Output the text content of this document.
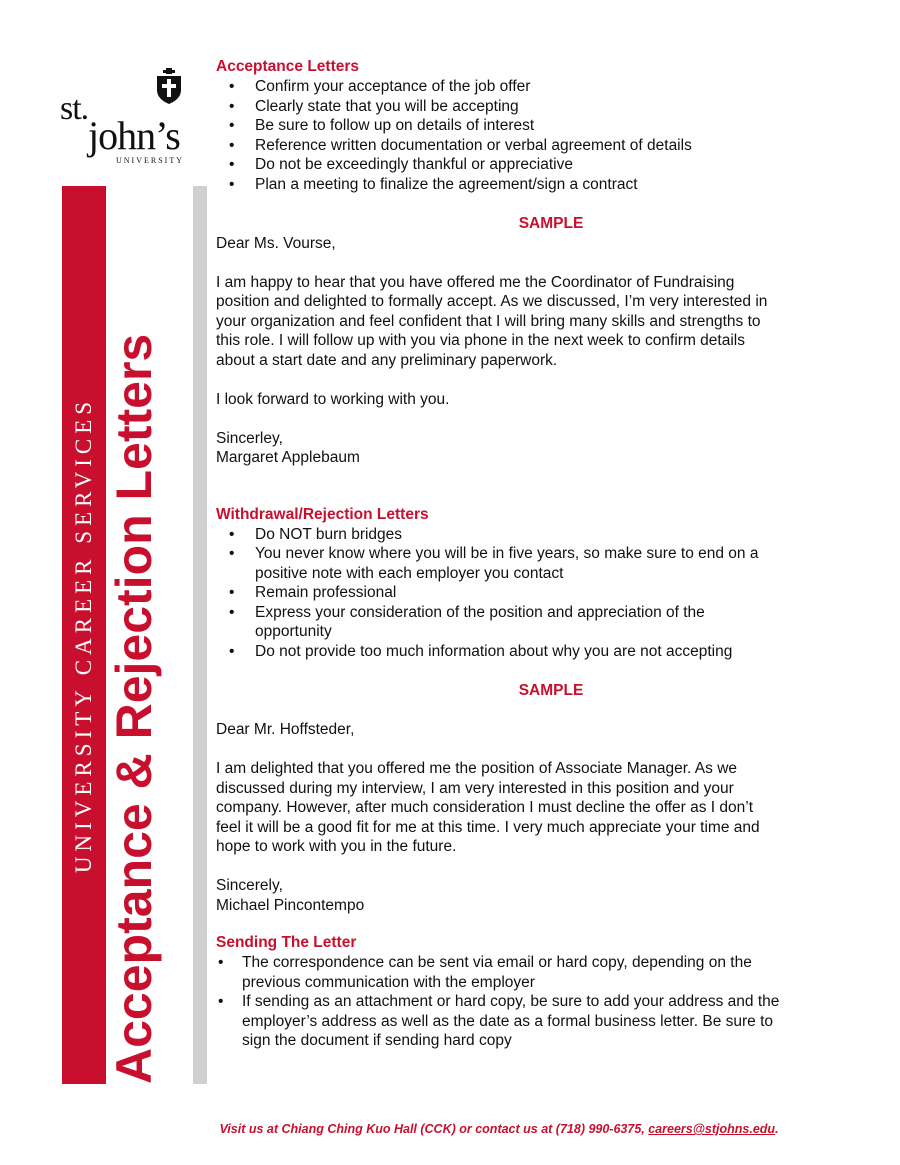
st.
john’s
UNIVERSITY
UNIVERSITY CAREER SERVICES Acceptance & Rejection Letters
Acceptance Letters
• Confirm your acceptance of the job offer
• Clearly state that you will be accepting
• Be sure to follow up on details of interest
• Reference written documentation or verbal agreement of details
• Do not be exceedingly thankful or appreciative
• Plan a meeting to finalize the agreement/sign a contract

SAMPLE

Dear Ms. Vourse,

I am happy to hear that you have offered me the Coordinator of Fundraising
position and delighted to formally accept. As we discussed, I’m very interested in
your organization and feel confident that I will bring many skills and strengths to
this role. I will follow up with you via phone in the next week to confirm details
about a start date and any preliminary paperwork.

I look forward to working with you.

Sincerley,

Margaret Applebaum

Withdrawal/Rejection Letters
• Do NOT burn bridges
• You never know where you will be in five years, so make sure to end on a
positive note with each employer you contact
• Remain professional
• Express your consideration of the position and appreciation of the
opportunity
• Do not provide too much information about why you are not accepting

SAMPLE

Dear Mr. Hoffsteder,

I am delighted that you offered me the position of Associate Manager. As we
discussed during my interview, I am very interested in this position and your
company. However, after much consideration I must decline the offer as I don’t
feel it will be a good fit for me at this time. I very much appreciate your time and
hope to work with you in the future.

Sincerely,

Michael Pincontempo

Sending The Letter
• The correspondence can be sent via email or hard copy, depending on the
previous communication with the employer
• If sending as an attachment or hard copy, be sure to add your address and the
employer’s address as well as the date as a formal business letter. Be sure to
sign the document if sending hard copy
Visit us at Chiang Ching Kuo Hall (CCK) or contact us at (718) 990-6375, careers@stjohns.edu.
